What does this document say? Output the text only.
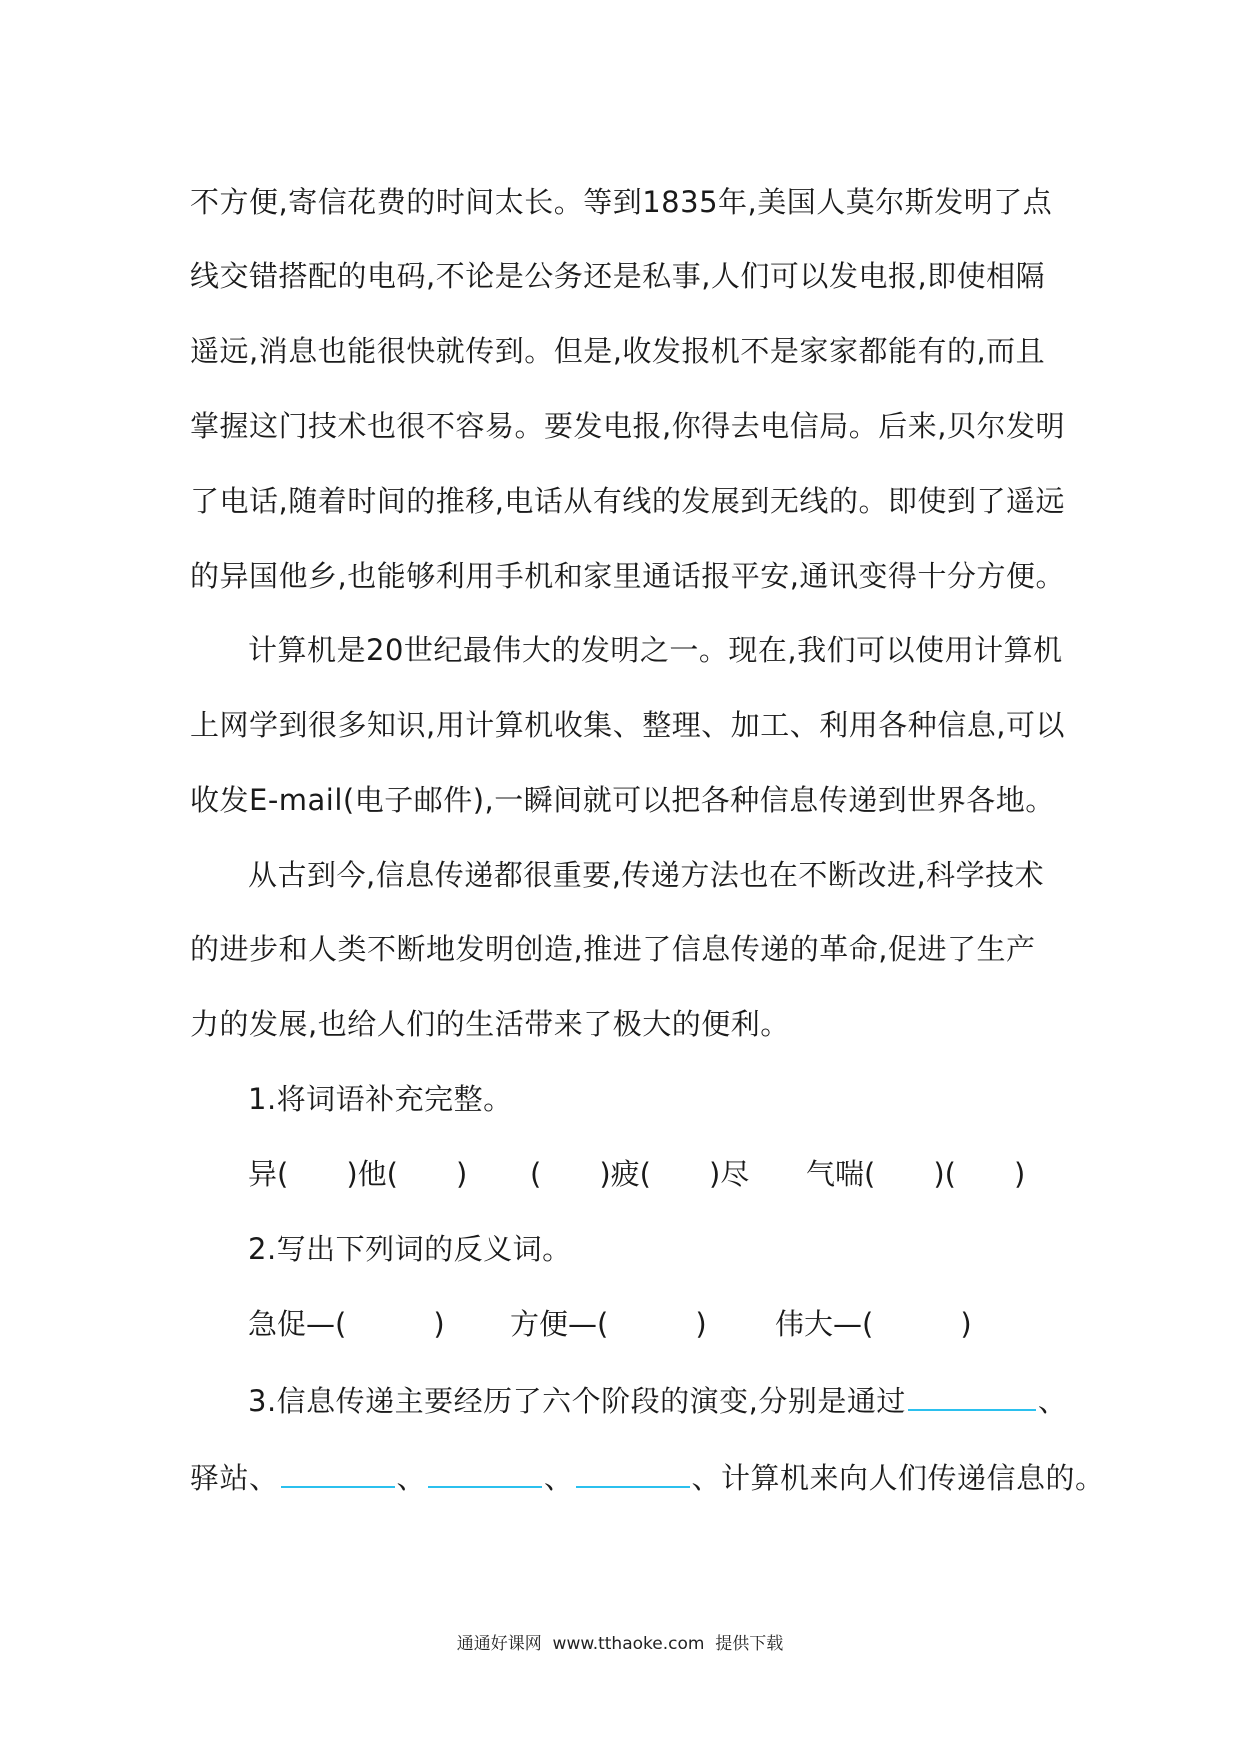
不方便,寄信花费的时间太长。等到1835年,美国人莫尔斯发明了点
线交错搭配的电码,不论是公务还是私事,人们可以发电报,即使相隔
遥远,消息也能很快就传到。但是,收发报机不是家家都能有的,而且
掌握这门技术也很不容易。要发电报,你得去电信局。后来,贝尔发明
了电话,随着时间的推移,电话从有线的发展到无线的。即使到了遥远
的异国他乡,也能够利用手机和家里通话报平安,通讯变得十分方便。
计算机是20世纪最伟大的发明之一。现在,我们可以使用计算机
上网学到很多知识,用计算机收集、整理、加工、利用各种信息,可以
收发E-mail(电子邮件),一瞬间就可以把各种信息传递到世界各地。
从古到今,信息传递都很重要,传递方法也在不断改进,科学技术
的进步和人类不断地发明创造,推进了信息传递的革命,促进了生产
力的发展,也给人们的生活带来了极大的便利。
1.将词语补充完整。
异(　　)他(　　) (　　)疲(　　)尽 气喘(　　)(　　)
2.写出下列词的反义词。
急促—(　　　) 方便—(　　　) 伟大—(　　　)
3.信息传递主要经历了六个阶段的演变,分别是通过	、
驿站、	、	、	、计算机来向人们传递信息的。
通通好课网  www.tthaoke.com  提供下载
